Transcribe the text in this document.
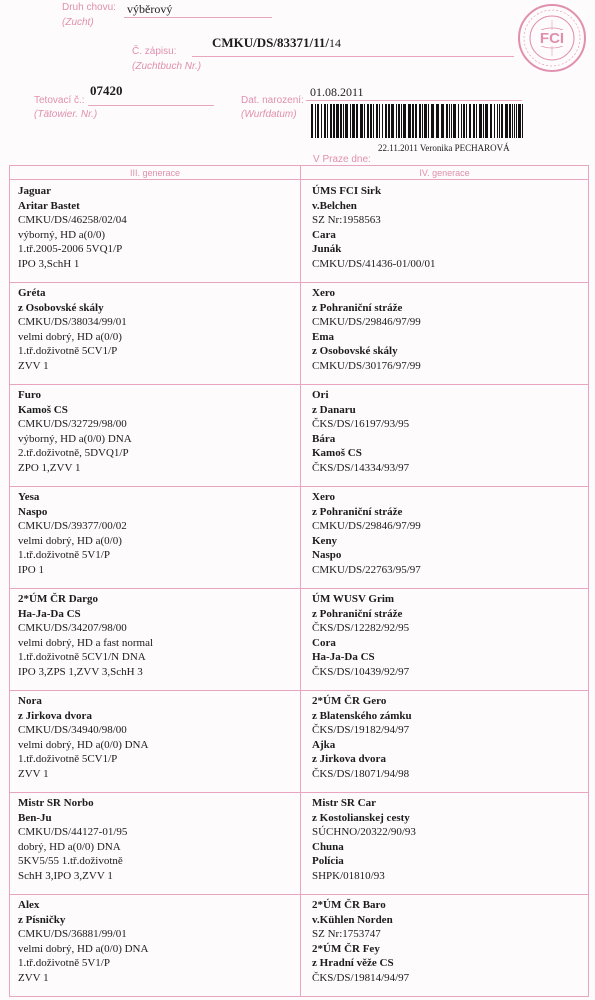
Druh chovu:
(Zucht)
výběrový
CMKU/DS/83371/11/14
Č. zápisu:
(Zuchtbuch Nr.)
Tetovací č.:
(Tätowier. Nr.)
07420
Dat. narození:
(Wurfdatum)
01.08.2011
22.11.2011 Veronika PECHAROVÁ
V Praze dne:
FCI
III. generace	IV. generace
Jaguar
Aritar Bastet
CMKU/DS/46258/02/04
výborný, HD a(0/0)
1.tř.2005-2006 5VQ1/P
IPO 3,SchH 1
ÚMS FCI Sirk
v.Belchen
SZ Nr:1958563
Cara
Junák
CMKU/DS/41436-01/00/01
Gréta
z Osobovské skály
CMKU/DS/38034/99/01
velmi dobrý, HD a(0/0)
1.tř.doživotně 5CV1/P
ZVV 1
Xero
z Pohraniční stráže
CMKU/DS/29846/97/99
Ema
z Osobovské skály
CMKU/DS/30176/97/99
Furo
Kamoš CS
CMKU/DS/32729/98/00
výborný, HD a(0/0) DNA
2.tř.doživotně, 5DVQ1/P
ZPO 1,ZVV 1
Ori
z Danaru
ČKS/DS/16197/93/95
Bára
Kamoš CS
ČKS/DS/14334/93/97
Yesa
Naspo
CMKU/DS/39377/00/02
velmi dobrý, HD a(0/0)
1.tř.doživotně 5V1/P
IPO 1
Xero
z Pohraniční stráže
CMKU/DS/29846/97/99
Keny
Naspo
CMKU/DS/22763/95/97
2*ÚM ČR Dargo
Ha-Ja-Da CS
CMKU/DS/34207/98/00
velmi dobrý, HD a fast normal
1.tř.doživotně 5CV1/N DNA
IPO 3,ZPS 1,ZVV 3,SchH 3
ÚM WUSV Grim
z Pohraniční stráže
ČKS/DS/12282/92/95
Cora
Ha-Ja-Da CS
ČKS/DS/10439/92/97
Nora
z Jirkova dvora
CMKU/DS/34940/98/00
velmi dobrý, HD a(0/0) DNA
1.tř.doživotně 5CV1/P
ZVV 1
2*ÚM ČR Gero
z Blatenského zámku
ČKS/DS/19182/94/97
Ajka
z Jirkova dvora
ČKS/DS/18071/94/98
Mistr SR Norbo
Ben-Ju
CMKU/DS/44127-01/95
dobrý, HD a(0/0) DNA
5KV5/55 1.tř.doživotně
SchH 3,IPO 3,ZVV 1
Mistr SR Car
z Kostolianskej cesty
SÚCHNO/20322/90/93
Chuna
Polícia
SHPK/01810/93
Alex
z Písničky
CMKU/DS/36881/99/01
velmi dobrý, HD a(0/0) DNA
1.tř.doživotně 5V1/P
ZVV 1
2*ÚM ČR Baro
v.Kühlen Norden
SZ Nr:1753747
2*ÚM ČR Fey
z Hradní věže CS
ČKS/DS/19814/94/97
